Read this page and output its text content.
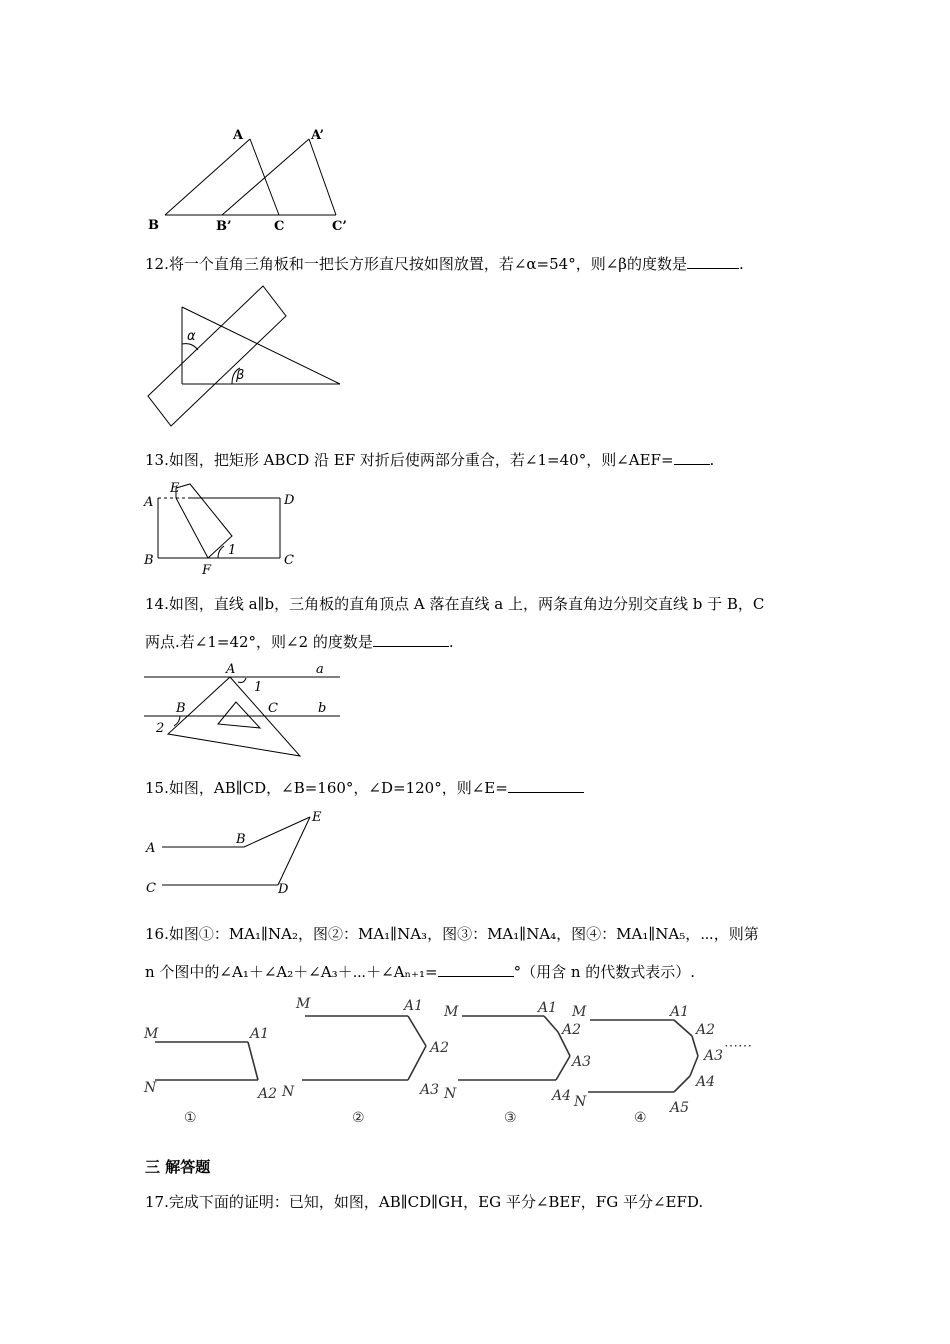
A	A’
B	B’	C	C’
12.将一个直角三角板和一把长方形直尺按如图放置，若∠α=54°，则∠β的度数是	.
α
β
13.如图，把矩形 ABCD 沿 EF 对折后使两部分重合，若∠1=40°，则∠AEF= .
A
E
D
B
F
C
1
14.如图，直线 a∥b，三角板的直角顶点 A 落在直线 a 上，两条直角边分别交直线 b 于 B，C
两点.若∠1=42°，则∠2 的度数是	.
A	a
1
B	C	b
2
15.如图，AB∥CD，∠B=160°，∠D=120°，则∠E=
A
B
C	D
E
16.如图①：MA₁∥NA₂，图②：MA₁∥NA₃，图③：MA₁∥NA₄，图④：MA₁∥NA₅，⋯，则第
n 个图中的∠A₁＋∠A₂＋∠A₃＋⋯＋∠Aₙ₊₁=	°（用含 n 的代数式表示）.
M	A1
N	A2
M	A1
A2
N	A3
M	A1
A2
A3
N	A4
M	A1
A2
A3
A4
N	A5
⋯⋯
①	②	③	④
三 解答题
17.完成下面的证明：已知，如图，AB∥CD∥GH，EG 平分∠BEF，FG 平分∠EFD.
